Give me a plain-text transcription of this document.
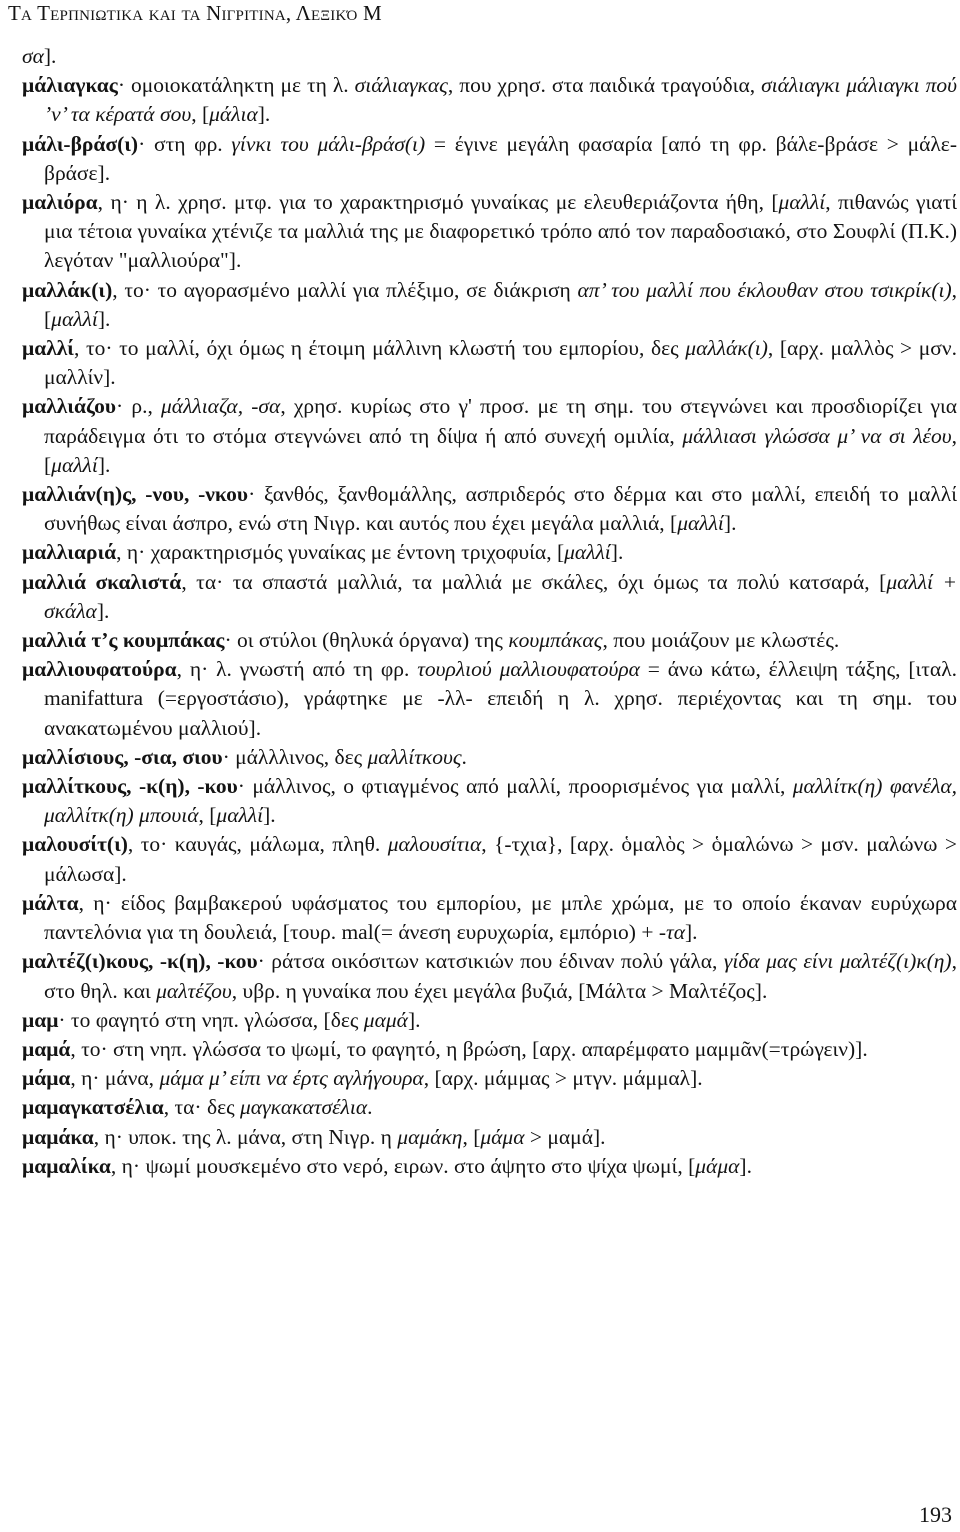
Τα Τερπνιωτικα και τα Νιγριτινα, Λεξικό Μ

σα].

μάλιαγκας· ομοιοκατάληκτη με τη λ. σιάλιαγκας, που χρησ. στα παιδικά τραγούδια, σιάλιαγκι μάλιαγκι πού ’ν’ τα κέρατά σου, [μάλια].

μάλι-βράσ(ι)· στη φρ. γίνκι του μάλι-βράσ(ι) = έγινε μεγάλη φασαρία [από τη φρ. βάλε-βράσε > μάλε-βράσε].

μαλιόρα, η· η λ. χρησ. μτφ. για το χαρακτηρισμό γυναίκας με ελευθεριάζοντα ήθη, [μαλλί, πιθανώς γιατί μια τέτοια γυναίκα χτένιζε τα μαλλιά της με διαφορετικό τρόπο από τον παραδοσιακό, στο Σουφλί (Π.Κ.) λεγόταν "μαλλιούρα"].

μαλλάκ(ι), το· το αγορασμένο μαλλί για πλέξιμο, σε διάκριση απ’ του μαλλί που έκλουθαν στου τσικρίκ(ι), [μαλλί].

μαλλί, το· το μαλλί, όχι όμως η έτοιμη μάλλινη κλωστή του εμπορίου, δες μαλλάκ(ι), [αρχ. μαλλὸς > μσν. μαλλίν].

μαλλιάζου· ρ., μάλλιαζα, -σα, χρησ. κυρίως στο γ' προσ. με τη σημ. του στεγνώνει και προσδιορίζει για παράδειγμα ότι το στόμα στεγνώνει από τη δίψα ή από συνεχή ομιλία, μάλλιασι γλώσσα μ’ να σι λέου, [μαλλί].

μαλλιάν(η)ς, -νου, -νκου· ξανθός, ξανθομάλλης, ασπριδερός στο δέρμα και στο μαλλί, επειδή το μαλλί συνήθως είναι άσπρο, ενώ στη Νιγρ. και αυτός που έχει μεγάλα μαλλιά, [μαλλί].

μαλλιαριά, η· χαρακτηρισμός γυναίκας με έντονη τριχοφυία, [μαλλί].

μαλλιά σκαλιστά, τα· τα σπαστά μαλλιά, τα μαλλιά με σκάλες, όχι όμως τα πολύ κατσαρά, [μαλλί + σκάλα].

μαλλιά τ’ς κουμπάκας· οι στύλοι (θηλυκά όργανα) της κουμπάκας, που μοιάζουν με κλωστές.

μαλλιουφατούρα, η· λ. γνωστή από τη φρ. τουρλιού μαλλιουφατούρα = άνω κάτω, έλλειψη τάξης, [ιταλ. manifattura (=εργοστάσιο), γράφτηκε με -λλ- επειδή η λ. χρησ. περιέχοντας και τη σημ. του ανακατωμένου μαλλιού].

μαλλίσιους, -σια, σιου· μάλλλινος, δες μαλλίτκους.

μαλλίτκους, -κ(η), -κου· μάλλινος, ο φτιαγμένος από μαλλί, προορισμένος για μαλλί, μαλλίτκ(η) φανέλα, μαλλίτκ(η) μπουιά, [μαλλί].

μαλουσίτ(ι), το· καυγάς, μάλωμα, πληθ. μαλουσίτια, {-τχια}, [αρχ. ὁμαλὸς > ὁμαλώνω > μσν. μαλώνω > μάλωσα].

μάλτα, η· είδος βαμβακερού υφάσματος του εμπορίου, με μπλε χρώμα, με το οποίο έκαναν ευρύχωρα παντελόνια για τη δουλειά, [τουρ. mal(= άνεση ευρυχωρία, εμπόριο) + -τα].

μαλτέζ(ι)κους, -κ(η), -κου· ράτσα οικόσιτων κατσικιών που έδιναν πολύ γάλα, γίδα μας είνι μαλτέζ(ι)κ(η), στο θηλ. και μαλτέζου, υβρ. η γυναίκα που έχει μεγάλα βυζιά, [Μάλτα > Μαλτέζος].

μαμ· το φαγητό στη νηπ. γλώσσα, [δες μαμά].

μαμά, το· στη νηπ. γλώσσα το ψωμί, το φαγητό, η βρώση, [αρχ. απαρέμφατο μαμμᾶν(=τρώγειν)].

μάμα, η· μάνα, μάμα μ’ είπι να έρτς αγλήγουρα, [αρχ. μάμμας > μτγν. μάμμαλ].

μαμαγκατσέλια, τα· δες μαγκακατσέλια.

μαμάκα, η· υποκ. της λ. μάνα, στη Νιγρ. η μαμάκη, [μάμα > μαμά].

μαμαλίκα, η· ψωμί μουσκεμένο στο νερό, ειρων. στο άψητο στο ψίχα ψωμί, [μάμα].

193
